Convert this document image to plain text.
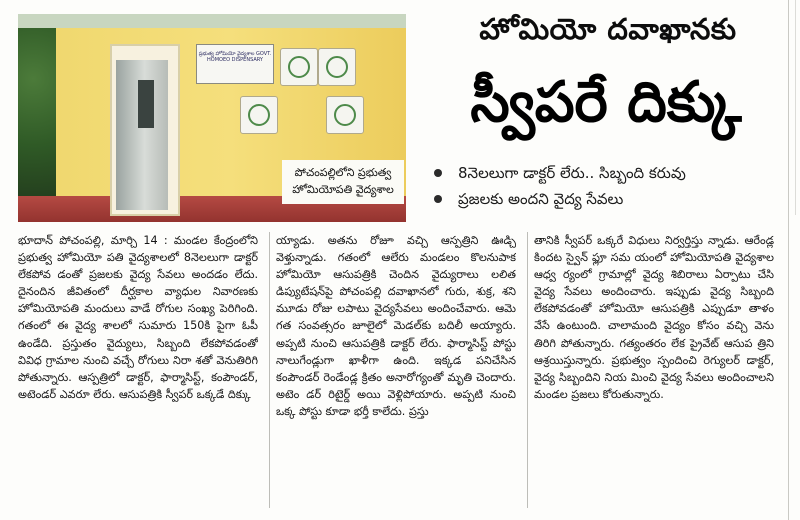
ప్రభుత్వ హోమియో వైద్యశాల GOVT. HOMOEO DISPENSARY
పోచంపల్లిలోని ప్రభుత్వ
హోమియోపతి వైద్యశాల
హోమియో దవాఖానకు
స్వీపరే దిక్కు
8నెలలుగా డాక్టర్ లేరు.. సిబ్బంది కరువు
ప్రజలకు అందని వైద్య సేవలు

భూదాన్ పోచంపల్లి, మార్చి 14 : మండల కేంద్రంలోని ప్రభుత్వ హోమియో పతి వైద్యశాలలో 8నెలలుగా డాక్టర్ లేకపోవ డంతో ప్రజలకు వైద్య సేవలు అందడం లేదు. దైనందిన జీవితంలో దీర్ఘకాల వ్యాధుల నివారణకు హోమియోపతి మందులు వాడే రోగుల సంఖ్య పెరిగింది. గతంలో ఈ వైద్య శాలలో సుమారు 150కి పైగా ఓపీ ఉండేది. ప్రస్తుతం వైద్యులు, సిబ్బంది లేకపోవడంతో వివిధ గ్రామాల నుంచి వచ్చే రోగులు నిరా శతో వెనుతిరిగి పోతున్నారు. ఆస్పత్రిలో డాక్టర్, ఫార్మాసిస్ట్, కంపౌండర్, అటెండర్ ఎవరూ లేరు. ఆసుపత్రికి స్వీపర్ ఒక్కడే దిక్కు

య్యాడు. అతను రోజూ వచ్చి ఆస్పత్రిని ఊడ్చి వెళ్తున్నాడు. గతంలో ఆలేరు మండలం కొలనుపాక హోమియో ఆసుపత్రికి చెందిన వైద్యురాలు లలిత డిప్యుటేషన్‌పై పోచంపల్లి దవాఖానలో గురు, శుక్ర, శని మూడు రోజు లపాటు వైద్యసేవలు అందించేవారు. ఆమె గత సంవత్సరం జూలైలో మెడల్‌కు బదిలీ అయ్యారు. అప్పటి నుంచి ఆసుపత్రికి డాక్టర్ లేరు. ఫార్మాసిస్ట్ పోస్టు నాలుగేండ్లుగా ఖాళీగా ఉంది. ఇక్కడ పనిచేసిన కంపౌండర్ రెండేండ్ల క్రితం అనారోగ్యంతో మృతి చెందారు. అటెం డర్ రిటైర్డ్ అయి వెళ్లిపోయారు. అప్పటి నుంచి ఒక్క పోస్టు కూడా భర్తీ కాలేదు. ప్రస్తు

తానికి స్వీపర్ ఒక్కరే విధులు నిర్వర్తిస్తు న్నాడు. ఆరేండ్ల కిందట స్వైన్ ఫ్లూ సమ యంలో హోమియోపతి వైద్యశాల ఆధ్వ ర్యంలో గ్రామాల్లో వైద్య శిబిరాలు ఏర్పాటు చేసి వైద్య సేవలు అందించారు. ఇప్పుడు వైద్య సిబ్బంది లేకపోవడంతో హోమియో ఆసుపత్రికి ఎప్పుడూ తాళం వేసే ఉంటుంది. చాలామంది వైద్యం కోసం వచ్చి వెను తిరిగి పోతున్నారు. గత్యంతరం లేక ప్రైవేట్ ఆసుప త్రిని ఆశ్రయిస్తున్నారు. ప్రభుత్వం స్పందించి రెగ్యులర్ డాక్టర్, వైద్య సిబ్బందిని నియ మించి వైద్య సేవలు అందించాలని మండల ప్రజలు కోరుతున్నారు.
